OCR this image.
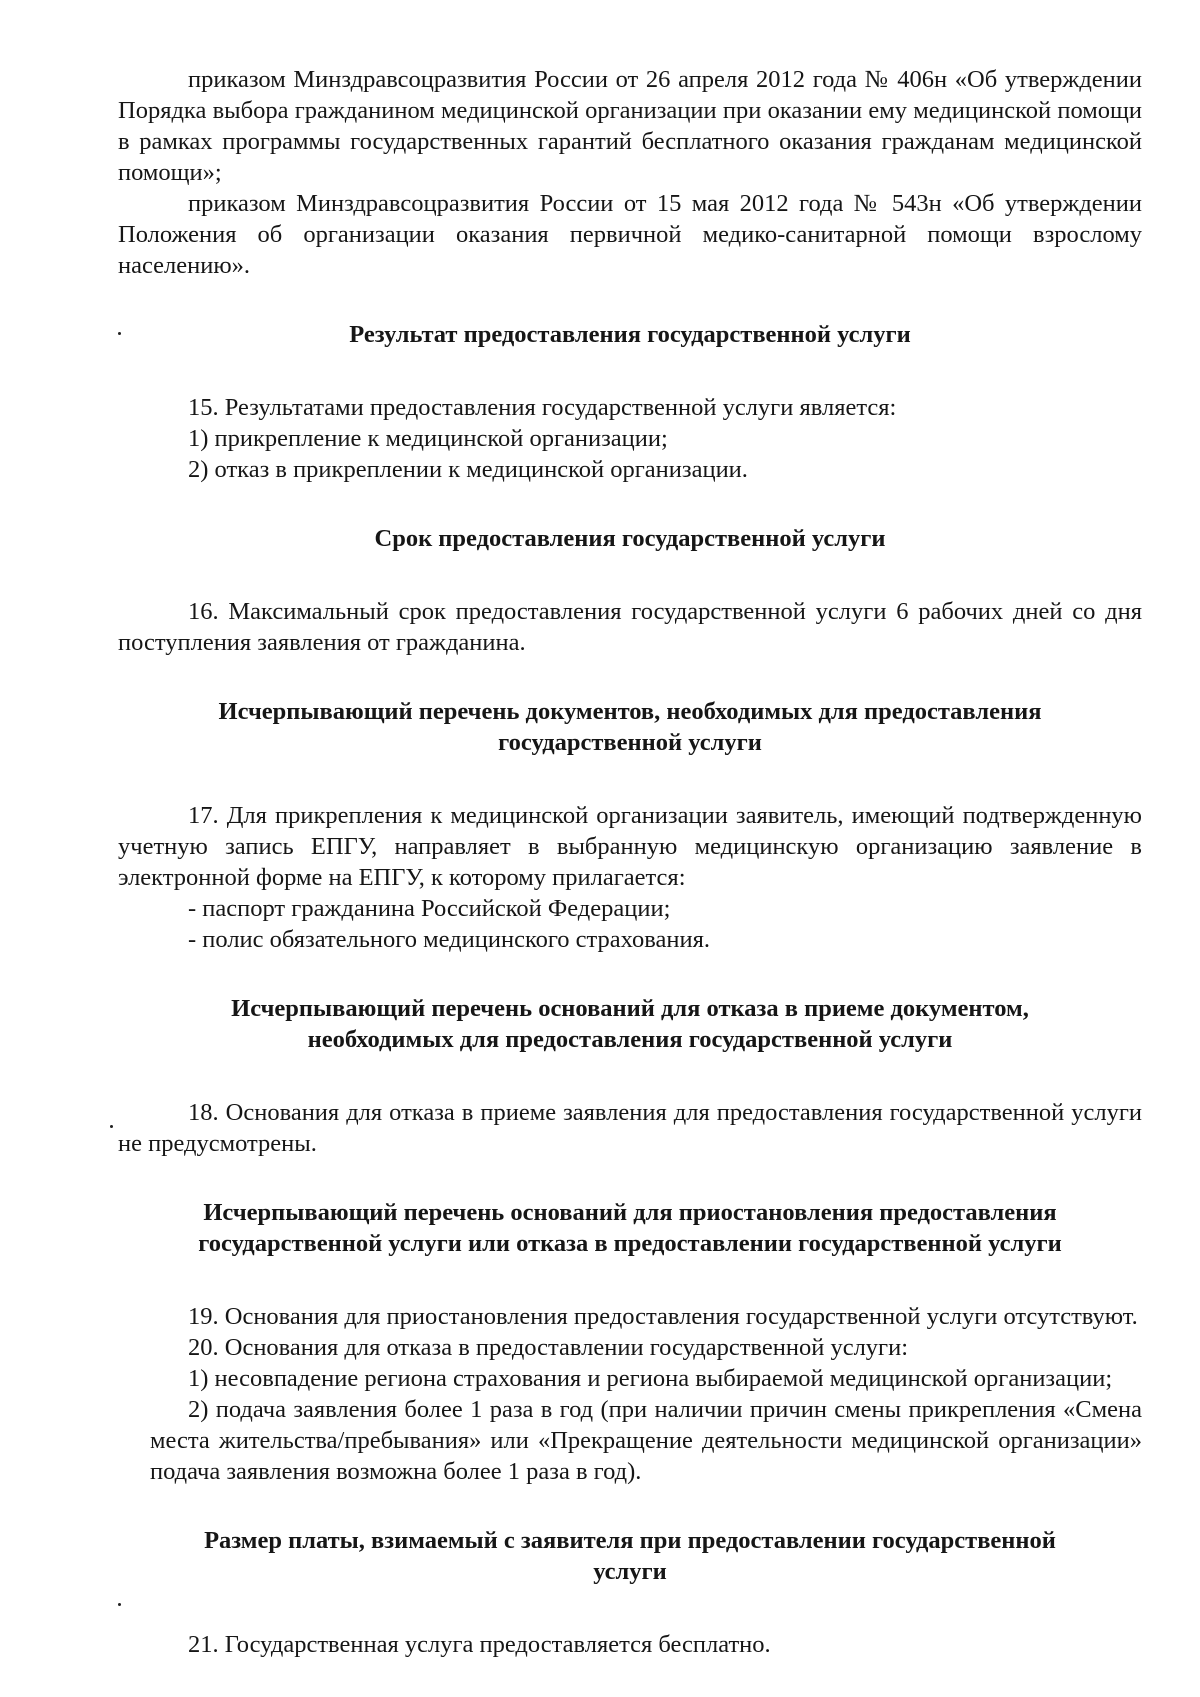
приказом Минздравсоцразвития России от 26 апреля 2012 года № 406н «Об утверждении Порядка выбора гражданином медицинской организации при оказании ему медицинской помощи в рамках программы государственных гарантий бесплатного оказания гражданам медицинской помощи»;

приказом Минздравсоцразвития России от 15 мая 2012 года № 543н «Об утверждении Положения об организации оказания первичной медико-санитарной помощи взрослому населению».

Результат предоставления государственной услуги

15. Результатами предоставления государственной услуги является:

1) прикрепление к медицинской организации;

2) отказ в прикреплении к медицинской организации.

Срок предоставления государственной услуги

16. Максимальный срок предоставления государственной услуги 6 рабочих дней со дня поступления заявления от гражданина.

Исчерпывающий перечень документов, необходимых для предоставления

государственной услуги

17. Для прикрепления к медицинской организации заявитель, имеющий подтвержденную учетную запись ЕПГУ, направляет в выбранную медицинскую организацию заявление в электронной форме на ЕПГУ, к которому прилагается:

- паспорт гражданина Российской Федерации;

- полис обязательного медицинского страхования.

Исчерпывающий перечень оснований для отказа в приеме документом,

необходимых для предоставления государственной услуги

18. Основания для отказа в приеме заявления для предоставления государственной услуги не предусмотрены.

Исчерпывающий перечень оснований для приостановления предоставления

государственной услуги или отказа в предоставлении государственной услуги

19. Основания для приостановления предоставления государственной услуги отсутствуют.

20. Основания для отказа в предоставлении государственной услуги:

1) несовпадение региона страхования и региона выбираемой медицинской организации;

2) подача заявления более 1 раза в год (при наличии причин смены прикрепления «Смена места жительства/пребывания» или «Прекращение деятельности медицинской организации» подача заявления возможна более 1 раза в год).

Размер платы, взимаемый с заявителя при предоставлении государственной

услуги

21. Государственная услуга предоставляется бесплатно.
